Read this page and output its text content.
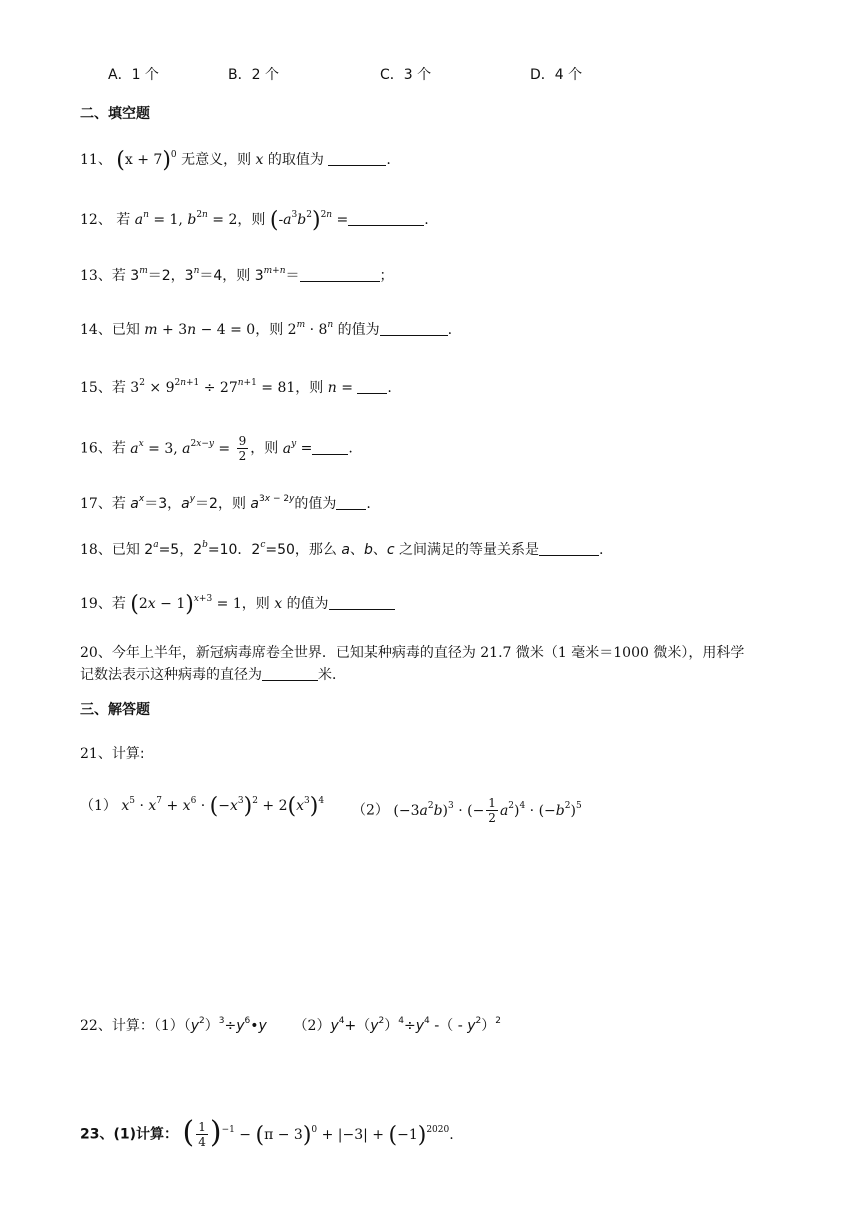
A．1 个	B．2 个	C．3 个	D．4 个
二、填空题
11、 $(x + 7)^0$ 无意义，则 x 的取值为	.
12、 若 $a^n = 1$, $b^{2n} = 2$，则 $(-a^3b^2)^{2n}$ =	.
13、若 $3^m=2$，$3^n=4$，则 $3^{m+n}=$	；
14、已知 m + 3n − 4 = 0，则 $2^m \cdot 8^n$ 的值为	.
15、若 $3^2 \times 9^{2n+1} \div 27^{n+1} = 81$，则 n = .
16、若 $a^x = 3$, $a^{2x-y} = \frac{9}{2}$ ，则 $a^y$ =	.
17、若 $a^x=3$，$a^y=2$，则 $a^{3x - 2y}$的值为 .
18、已知 $2^a=5$，$2^b=10$．$2^c=50$，那么 a、b、c 之间满足的等量关系是	.
19、若 $(2x - 1)^{x+3} = 1$，则 x 的值为
20、今年上半年，新冠病毒席卷全世界．已知某种病毒的直径为 21.7 微米（1 毫米＝1000 微米），用科学
记数法表示这种病毒的直径为	米．
三、解答题
21、计算:
（1） $x^5 \cdot x^7 + x^6 \cdot (-x^3)^2 + 2(x^3)^4$
（2） $(-3a^2b)^3$ · (− $\frac{1}{2} a^2)^4 \cdot (-b^2)^5$
22、计算：$(1)(y^2)^3\div y^6•y$ $(2)y^4+(y^2)^4\div y^4$ -（ - $y^2)^2$
23、(1)计算： ( $\frac{1}{4} )^{-1} - (\pi - 3)^0 + |-3| + (-1)^{2020}$.
